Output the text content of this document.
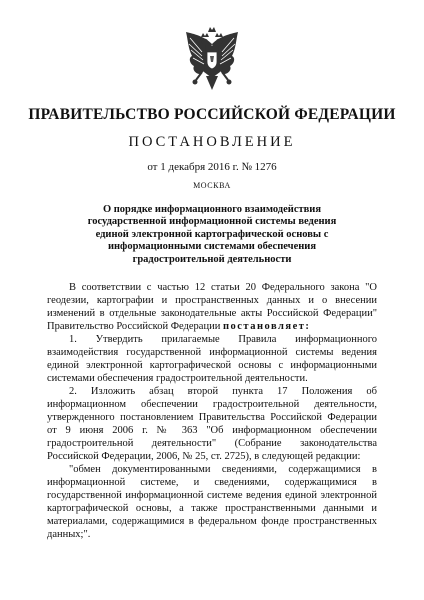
ПРАВИТЕЛЬСТВО РОССИЙСКОЙ ФЕДЕРАЦИИ
ПОСТАНОВЛЕНИЕ
от 1 декабря 2016 г. № 1276
МОСКВА
О порядке информационного взаимодействия государственной информационной системы ведения единой электронной картографической основы с информационными системами обеспечения градостроительной деятельности

В соответствии с частью 12 статьи 20 Федерального закона "О геодезии, картографии и пространственных данных и о внесении изменений в отдельные законодательные акты Российской Федерации" Правительство Российской Федерации постановляет:

1. Утвердить прилагаемые Правила информационного взаимодействия государственной информационной системы ведения единой электронной картографической основы с информационными системами обеспечения градостроительной деятельности.

2. Изложить абзац второй пункта 17 Положения об информационном обеспечении градостроительной деятельности, утвержденного постановлением Правительства Российской Федерации от 9 июня 2006 г. № 363 "Об информационном обеспечении градостроительной деятельности" (Собрание законодательства Российской Федерации, 2006, № 25, ст. 2725), в следующей редакции:

"обмен документированными сведениями, содержащимися в информационной системе, и сведениями, содержащимися в государственной информационной системе ведения единой электронной картографической основы, а также пространственными данными и материалами, содержащимися в федеральном фонде пространственных данных;".
